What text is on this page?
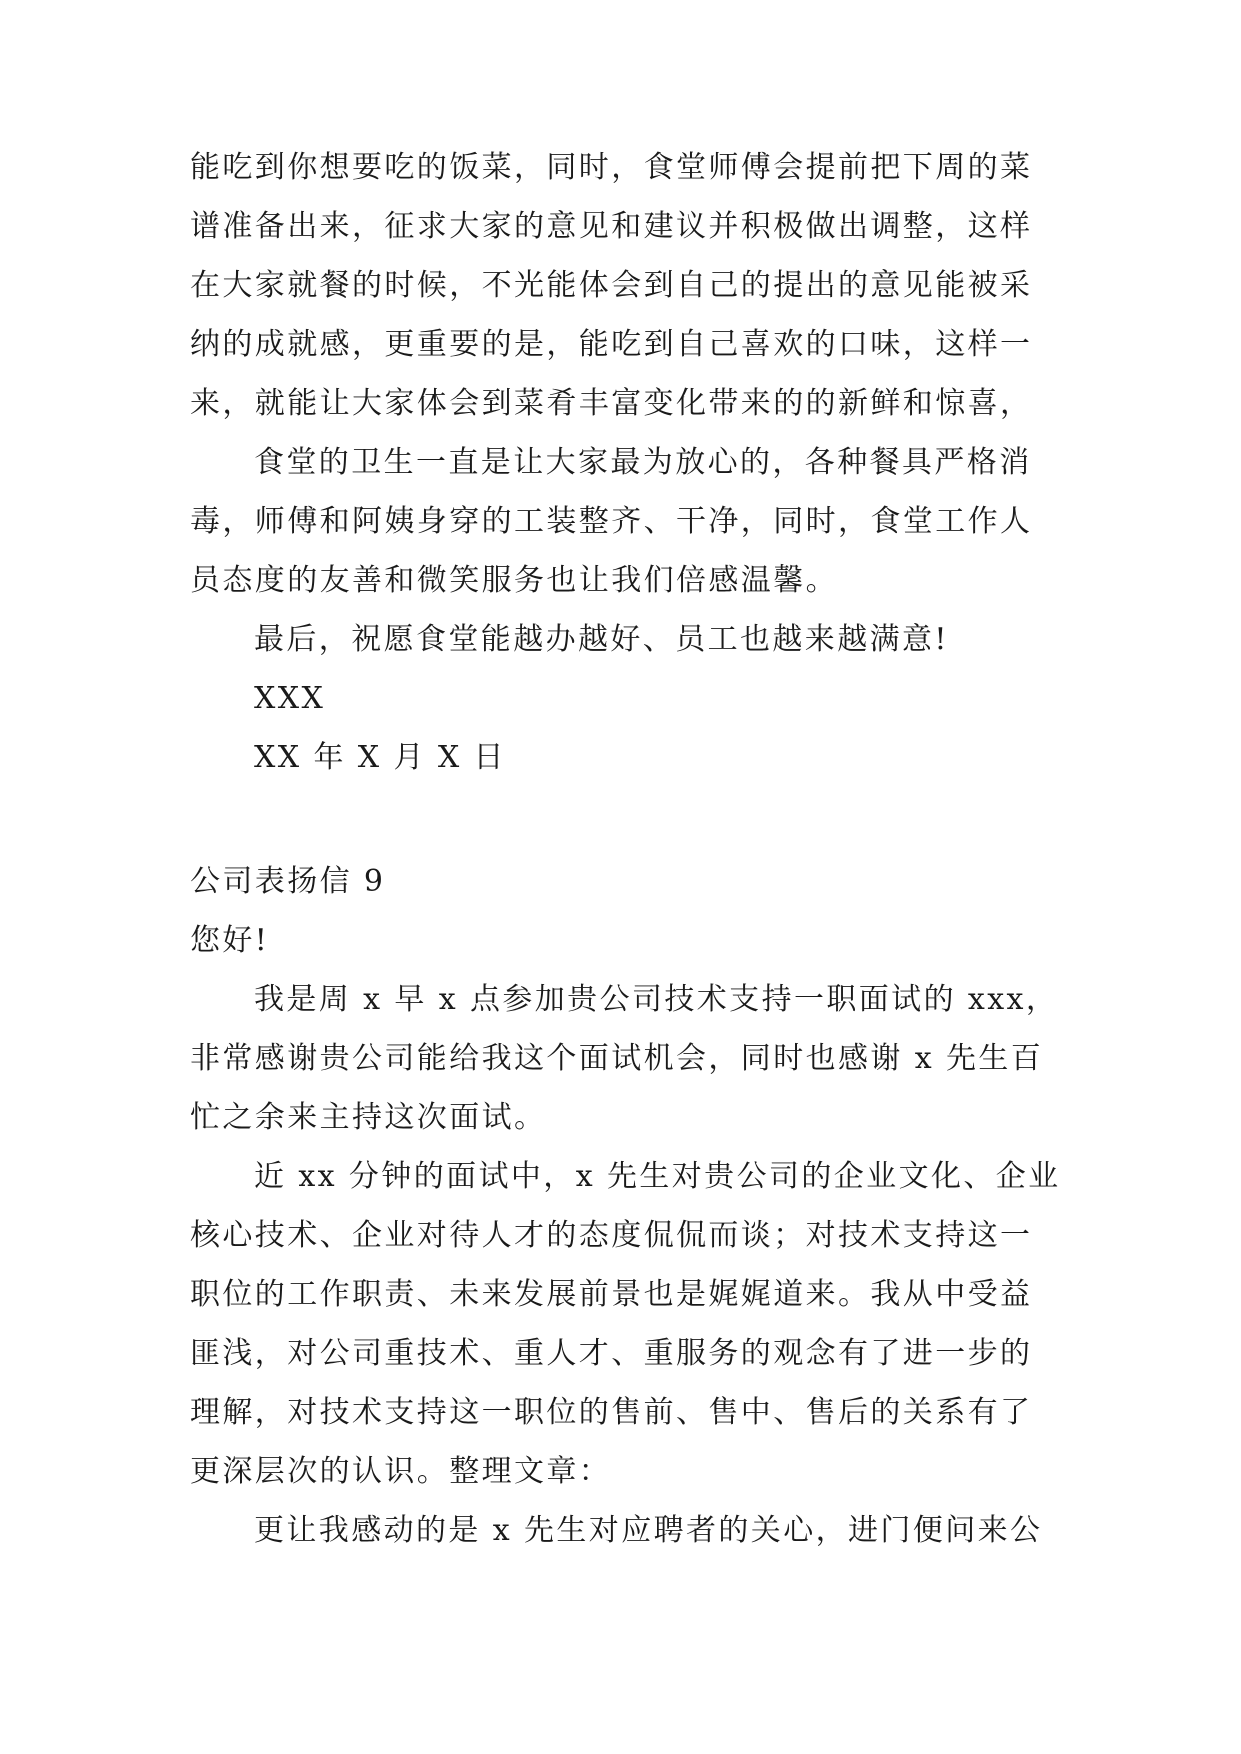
能吃到你想要吃的饭菜，同时，食堂师傅会提前把下周的菜
谱准备出来，征求大家的意见和建议并积极做出调整，这样
在大家就餐的时候，不光能体会到自己的提出的意见能被采
纳的成就感，更重要的是，能吃到自己喜欢的口味，这样一
来，就能让大家体会到菜肴丰富变化带来的的新鲜和惊喜，
食堂的卫生一直是让大家最为放心的，各种餐具严格消
毒，师傅和阿姨身穿的工装整齐、干净，同时，食堂工作人
员态度的友善和微笑服务也让我们倍感温馨。
最后，祝愿食堂能越办越好、员工也越来越满意!
XXX
XX 年 X 月 X 日
公司表扬信 9
您好!
我是周 x 早 x 点参加贵公司技术支持一职面试的 xxx，
非常感谢贵公司能给我这个面试机会，同时也感谢 x 先生百
忙之余来主持这次面试。
近 xx 分钟的面试中，x 先生对贵公司的企业文化、企业
核心技术、企业对待人才的态度侃侃而谈；对技术支持这一
职位的工作职责、未来发展前景也是娓娓道来。我从中受益
匪浅，对公司重技术、重人才、重服务的观念有了进一步的
理解，对技术支持这一职位的售前、售中、售后的关系有了
更深层次的认识。整理文章：
更让我感动的是 x 先生对应聘者的关心，进门便问来公
